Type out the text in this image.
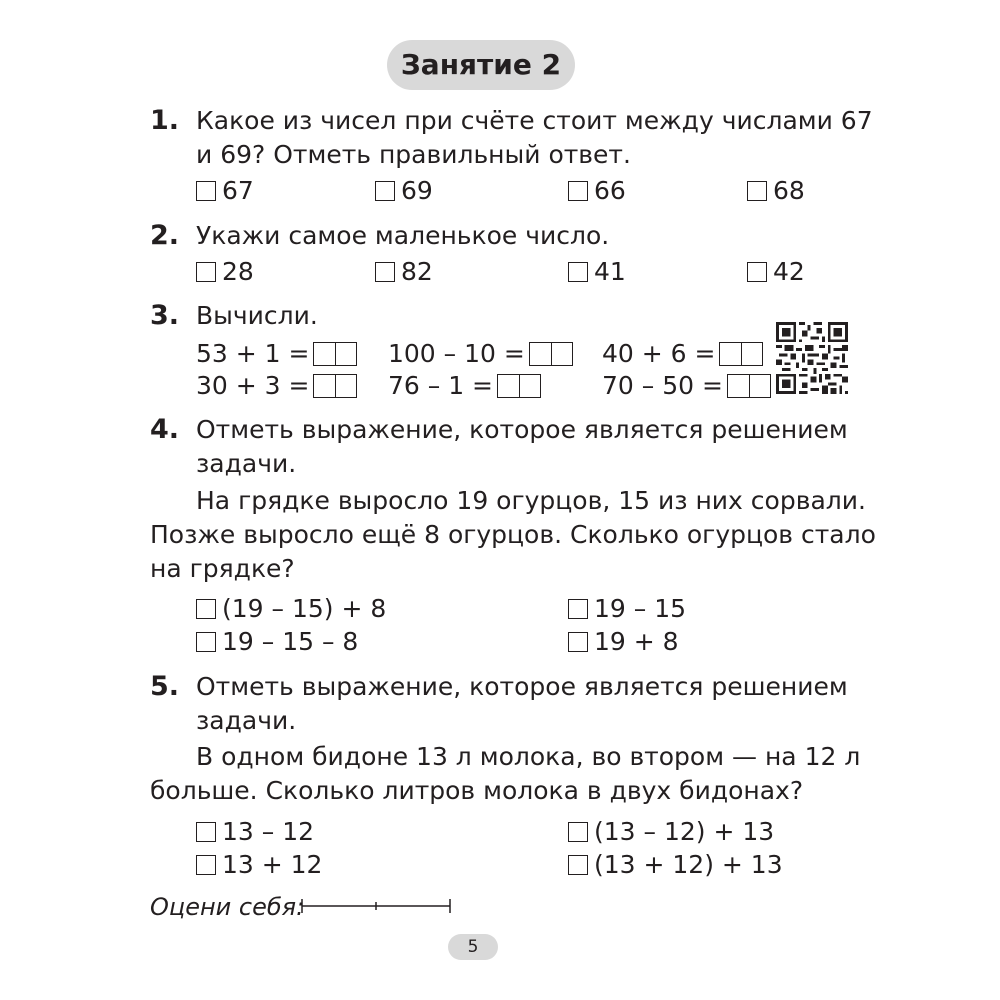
Занятие 2
1. Какое из чисел при счёте стоит между числами 67
и 69? Отметь правильный ответ.
67	69	66	68
2. Укажи самое маленькое число.
28	82	41	42
3. Вычисли.
53 + 1 =	100 – 10 =	40 + 6 =
30 + 3 =	76 – 1 =	70 – 50 =
4. Отметь выражение, которое является решением
задачи.
На грядке выросло 19 огурцов, 15 из них сорвали.
Позже выросло ещё 8 огурцов. Сколько огурцов стало
на грядке?
(19 – 15) + 8	19 – 15
19 – 15 – 8	19 + 8
5. Отметь выражение, которое является решением
задачи.
В одном бидоне 13 л молока, во втором — на 12 л
больше. Сколько литров молока в двух бидонах?
13 – 12	(13 – 12) + 13
13 + 12	(13 + 12) + 13
Оцени себя:
5
